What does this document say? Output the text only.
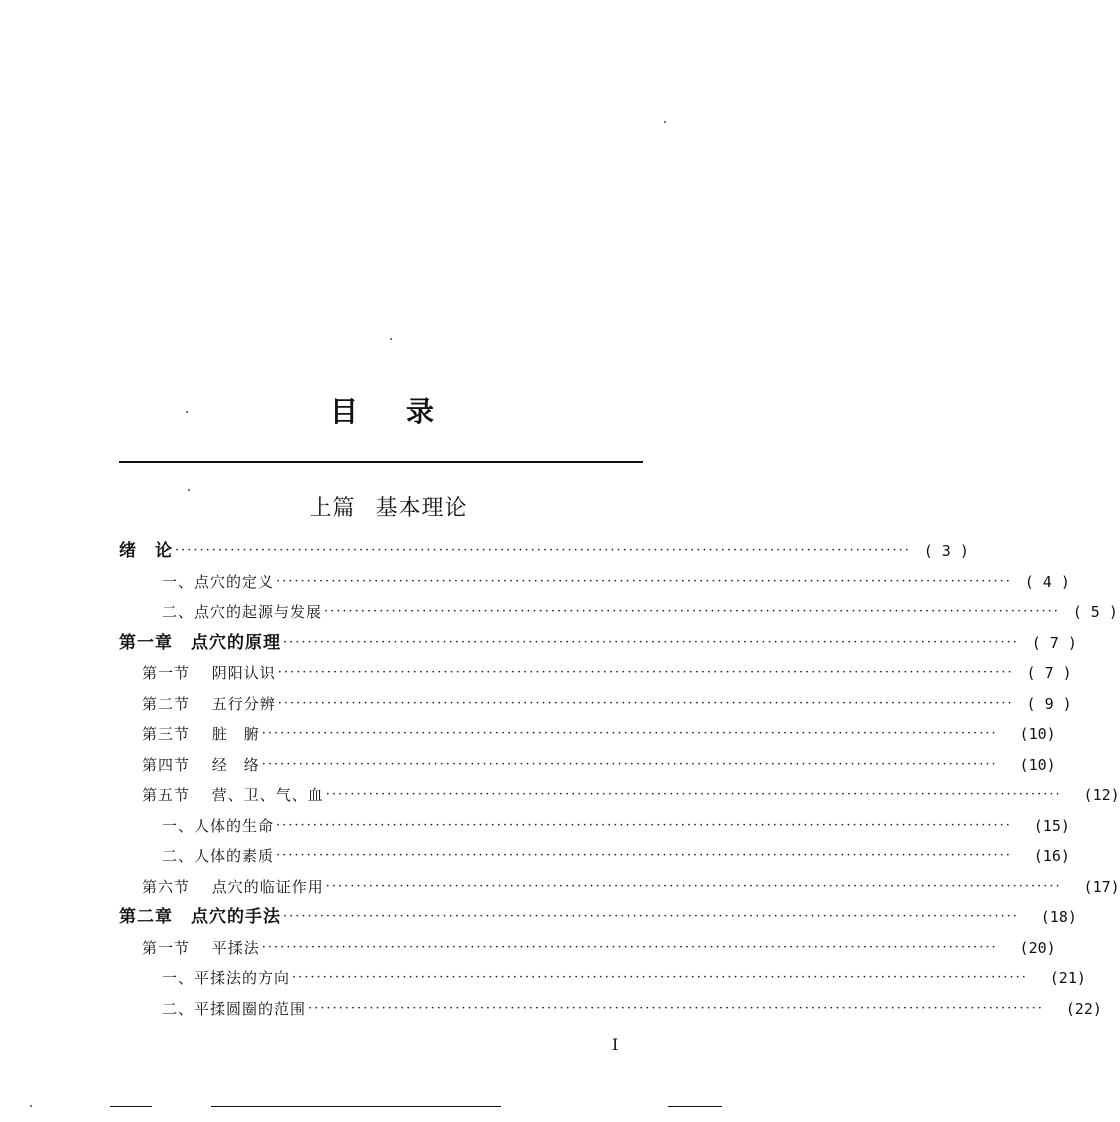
目 录
上篇 基本理论
绪　论 ························································································································ ( 3 )
一、点穴的定义 ························································································································ ( 4 )
二、点穴的起源与发展 ························································································································ ( 5 )
第一章　点穴的原理 ························································································································ ( 7 )
第一节　 阴阳认识 ························································································································ ( 7 )
第二节　 五行分辨 ························································································································ ( 9 )
第三节　 脏　腑 ························································································································	(10)
第四节　 经　络 ························································································································	(10)
第五节　 营、卫、气、血 ························································································································	(12)
一、人体的生命 ························································································································	(15)
二、人体的素质 ························································································································	(16)
第六节　 点穴的临证作用 ························································································································	(17)
第二章　点穴的手法 ························································································································	(18)
第一节　 平揉法 ························································································································	(20)
一、平揉法的方向 ························································································································	(21)
二、平揉圆圈的范围 ························································································································	(22)
I
